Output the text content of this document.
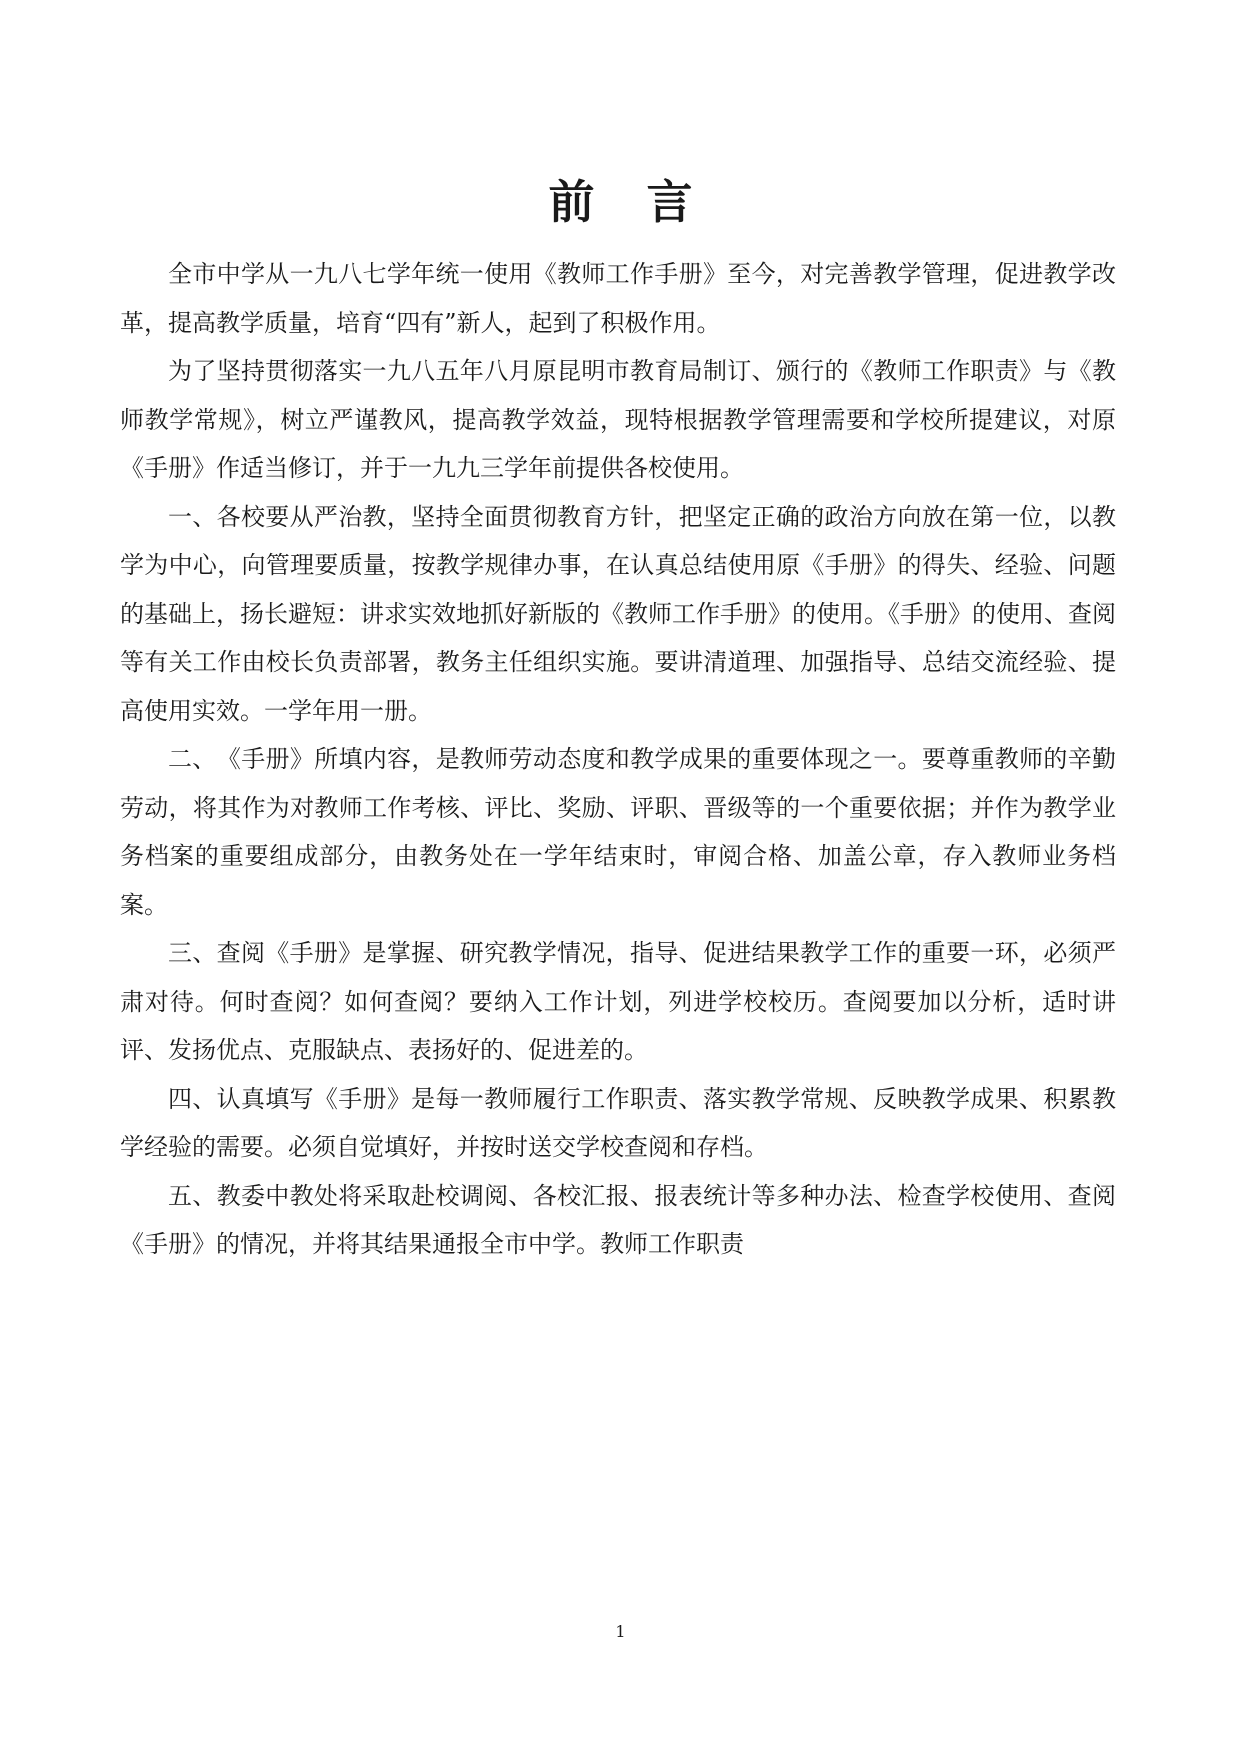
前言

全市中学从一九八七学年统一使用《教师工作手册》至今，对完善教学管理，促进教学改革，提高教学质量，培育“四有”新人，起到了积极作用。

为了坚持贯彻落实一九八五年八月原昆明市教育局制订、颁行的《教师工作职责》与《教师教学常规》，树立严谨教风，提高教学效益，现特根据教学管理需要和学校所提建议，对原《手册》作适当修订，并于一九九三学年前提供各校使用。

一、各校要从严治教，坚持全面贯彻教育方针，把坚定正确的政治方向放在第一位，以教学为中心，向管理要质量，按教学规律办事，在认真总结使用原《手册》的得失、经验、问题的基础上，扬长避短：讲求实效地抓好新版的《教师工作手册》的使用。《手册》的使用、查阅等有关工作由校长负责部署，教务主任组织实施。要讲清道理、加强指导、总结交流经验、提高使用实效。一学年用一册。

二、　《手册》所填内容，是教师劳动态度和教学成果的重要体现之一。要尊重教师的辛勤劳动，将其作为对教师工作考核、评比、奖励、评职、晋级等的一个重要依据；并作为教学业务档案的重要组成部分，由教务处在一学年结束时，审阅合格、加盖公章，存入教师业务档案。

三、查阅《手册》是掌握、研究教学情况，指导、促进结果教学工作的重要一环，必须严肃对待。何时查阅？如何查阅？要纳入工作计划，列进学校校历。查阅要加以分析，适时讲评、发扬优点、克服缺点、表扬好的、促进差的。

四、认真填写《手册》是每一教师履行工作职责、落实教学常规、反映教学成果、积累教学经验的需要。必须自觉填好，并按时送交学校查阅和存档。

五、教委中教处将采取赴校调阅、各校汇报、报表统计等多种办法、检查学校使用、查阅《手册》的情况，并将其结果通报全市中学。教师工作职责

1
